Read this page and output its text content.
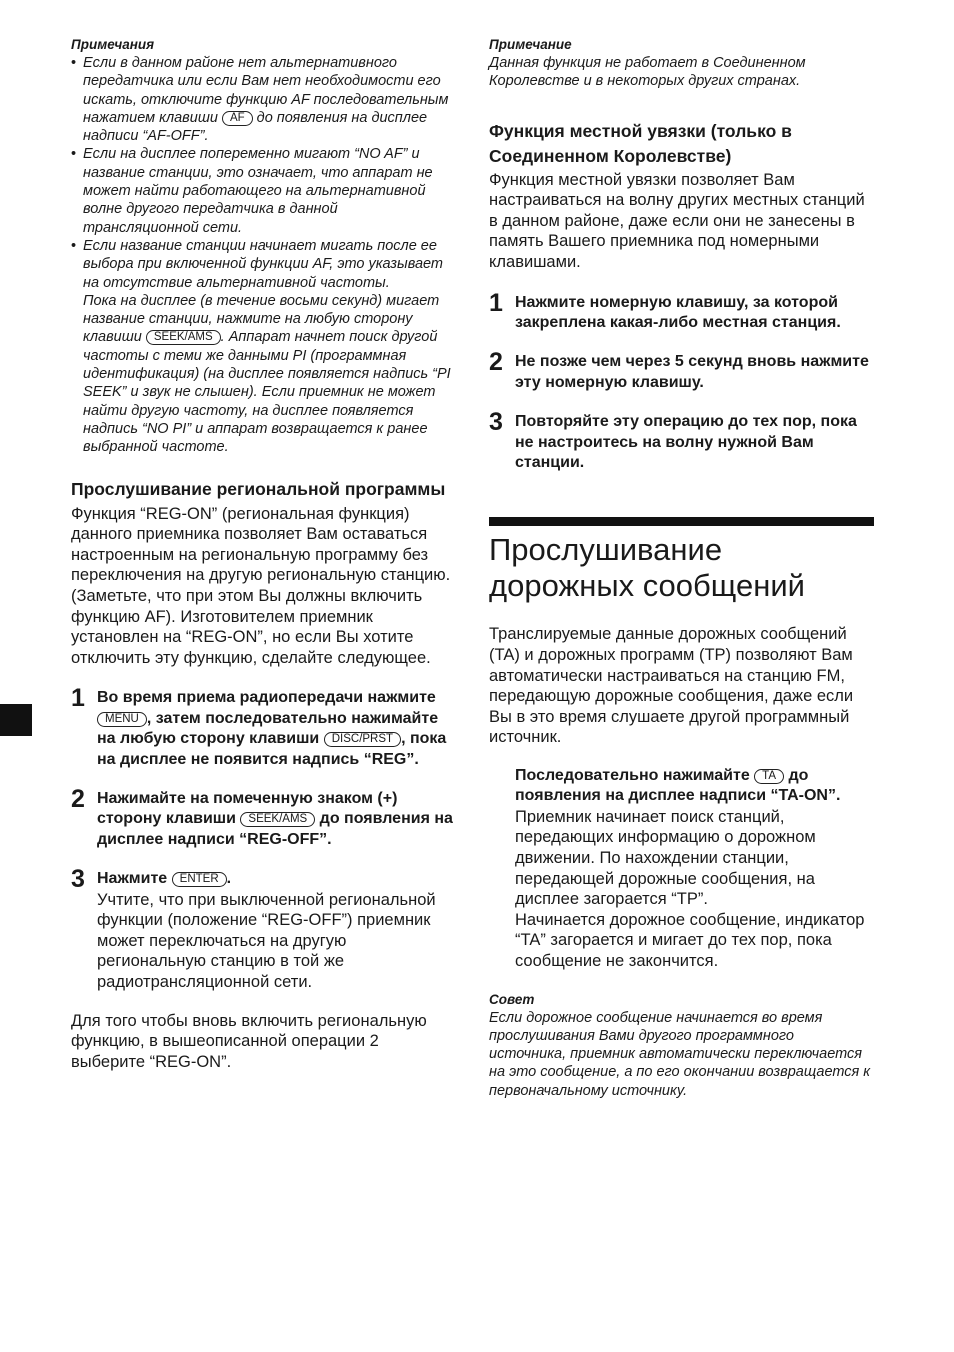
Примечания

• Если в данном районе нет альтернативного передатчика или если Вам нет необходимости его искать, отключите функцию AF последовательным нажатием клавиши AF до появления на дисплее надписи “AF-OFF”.
• Если на дисплее попеременно мигают “NO AF” и название станции, это означает, что аппарат не может найти работающего на альтернативной волне другого передатчика в данной трансляционной сети.
• Если название станции начинает мигать после ее выбора при включенной функции AF, это указывает на отсутствие альтернативной частоты.
Пока на дисплее (в течение восьми секунд) мигает название станции, нажмите на любую сторону клавиши SEEK/AMS . Аппарат начнет поиск другой частоты с теми же данными PI (программная идентификация) (на дисплее появляется надпись “PI SEEK” и звук не слышен). Если приемник не может найти другую частоту, на дисплее появляется надпись “NO PI” и аппарат возвращается к ранее выбранной частоте.
Прослушивание региональной программы

Функция “REG-ON” (региональная функция) данного приемника позволяет Вам оставаться настроенным на региональную программу без переключения на другую региональную станцию. (Заметьте, что при этом Вы должны включить функцию AF). Изготовителем приемник установлен на “REG-ON”, но если Вы хотите отключить эту функцию, сделайте следующее.

1 Во время приема радиопередачи нажмите MENU , затем последовательно нажимайте на любую сторону клавиши DISC/PRST , пока на дисплее не появится надпись “REG”.

2 Нажимайте на помеченную знаком (+) сторону клавиши SEEK/AMS до появления на дисплее надписи “REG-OFF”.

3 Нажмите ENTER .

Учтите, что при выключенной региональной функции (положение “REG-OFF”) приемник может переключаться на другую региональную станцию в той же радиотрансляционной сети.

Для того чтобы вновь включить региональную функцию, в вышеописанной операции 2 выберите “REG-ON”.

Примечание

Данная функция не работает в Соединенном Королевстве и в некоторых других странах.

Функция местной увязки (только в Соединенном Королевстве)

Функция местной увязки позволяет Вам настраиваться на волну других местных станций в данном районе, даже если они не занесены в память Вашего приемника под номерными клавишами.

1 Нажмите номерную клавишу, за которой закреплена какая-либо местная станция.

2 Не позже чем через 5 секунд вновь нажмите эту номерную клавишу.

3 Повторяйте эту операцию до тех пор, пока не настроитесь на волну нужной Вам станции.

Прослушивание дорожных сообщений

Транслируемые данные дорожных сообщений (TA) и дорожных программ (TP) позволяют Вам автоматически настраиваться на станцию FM, передающую дорожные сообщения, даже если Вы в это время слушаете другой программный источник.

Последовательно нажимайте TA до появления на дисплее надписи “TA-ON”.

Приемник начинает поиск станций, передающих информацию о дорожном движении. По нахождении станции, передающей дорожные сообщения, на дисплее загорается “TP”.

Начинается дорожное сообщение, индикатор “TA” загорается и мигает до тех пор, пока сообщение не закончится.

Совет

Если дорожное сообщение начинается во время прослушивания Вами другого программного источника, приемник автоматически переключается на это сообщение, а по его окончании возвращается к первоначальному источнику.
